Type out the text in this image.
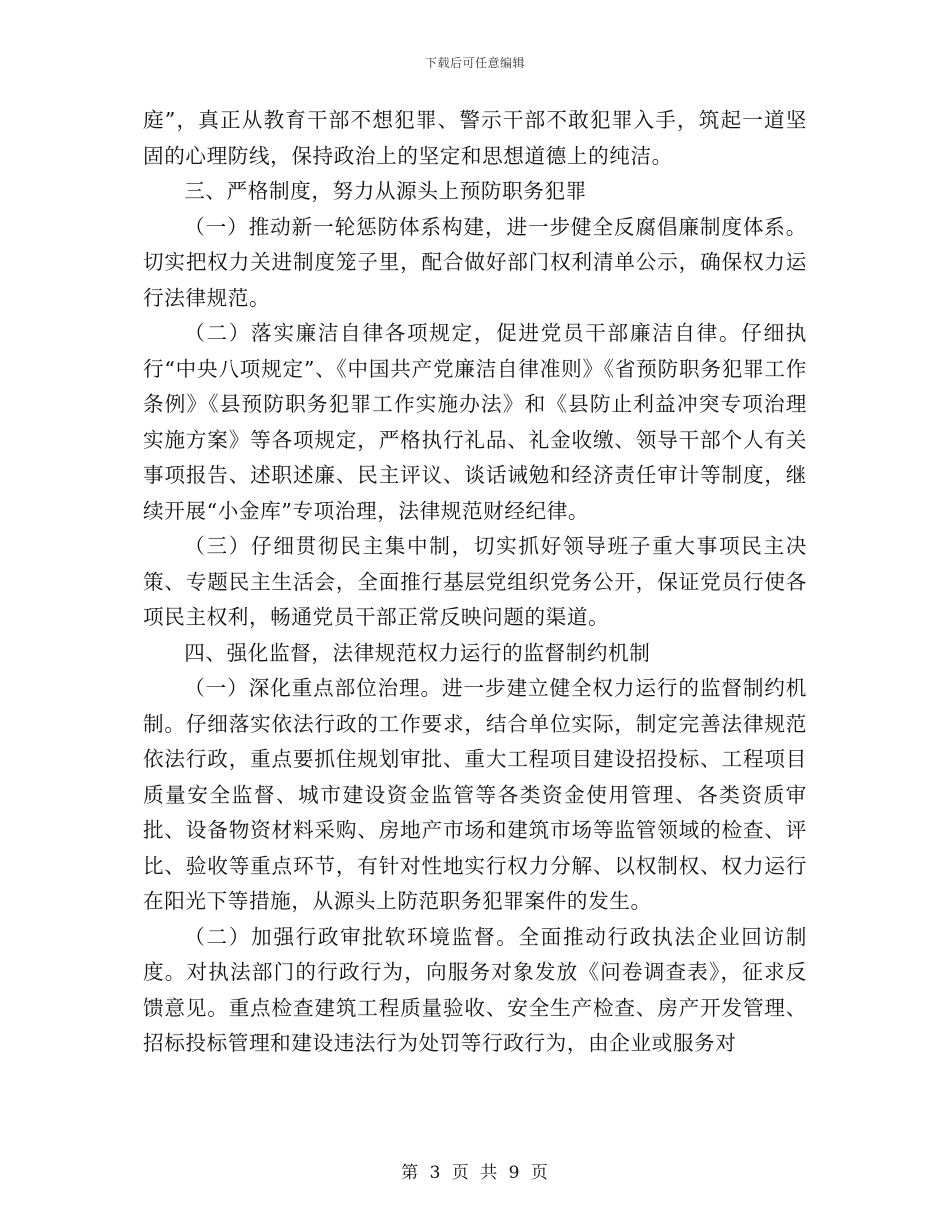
下载后可任意编辑

庭”，真正从教育干部不想犯罪、警示干部不敢犯罪入手，筑起一道坚固的心理防线，保持政治上的坚定和思想道德上的纯洁。

三、严格制度，努力从源头上预防职务犯罪

（一）推动新一轮惩防体系构建，进一步健全反腐倡廉制度体系。切实把权力关进制度笼子里，配合做好部门权利清单公示，确保权力运行法律规范。

（二）落实廉洁自律各项规定，促进党员干部廉洁自律。仔细执行“中央八项规定”、《中国共产党廉洁自律准则》《省预防职务犯罪工作条例》《县预防职务犯罪工作实施办法》和《县防止利益冲突专项治理实施方案》等各项规定，严格执行礼品、礼金收缴、领导干部个人有关事项报告、述职述廉、民主评议、谈话诫勉和经济责任审计等制度，继续开展“小金库”专项治理，法律规范财经纪律。

（三）仔细贯彻民主集中制，切实抓好领导班子重大事项民主决策、专题民主生活会，全面推行基层党组织党务公开，保证党员行使各项民主权利，畅通党员干部正常反映问题的渠道。

四、强化监督，法律规范权力运行的监督制约机制

（一）深化重点部位治理。进一步建立健全权力运行的监督制约机制。仔细落实依法行政的工作要求，结合单位实际，制定完善法律规范依法行政，重点要抓住规划审批、重大工程项目建设招投标、工程项目质量安全监督、城市建设资金监管等各类资金使用管理、各类资质审批、设备物资材料采购、房地产市场和建筑市场等监管领域的检查、评比、验收等重点环节，有针对性地实行权力分解、以权制权、权力运行在阳光下等措施，从源头上防范职务犯罪案件的发生。

（二）加强行政审批软环境监督。全面推动行政执法企业回访制度。对执法部门的行政行为，向服务对象发放《问卷调查表》，征求反馈意见。重点检查建筑工程质量验收、安全生产检查、房产开发管理、招标投标管理和建设违法行为处罚等行政行为，由企业或服务对

第 3 页 共 9 页
